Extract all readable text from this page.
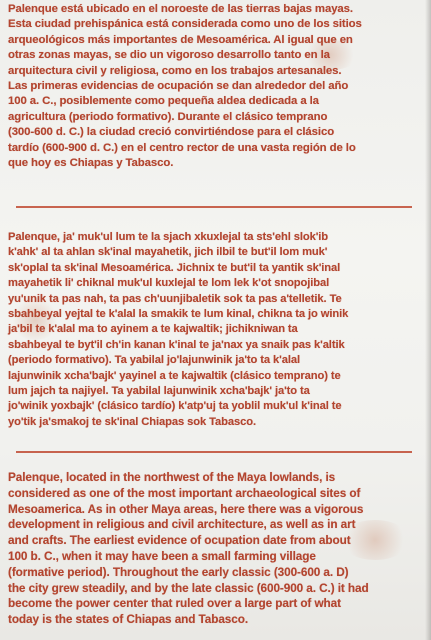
Palenque está ubicado en el noroeste de las tierras bajas mayas.
Esta ciudad prehispánica está considerada como uno de los sitios
arqueológicos más importantes de Mesoamérica. Al igual que en
otras zonas mayas, se dio un vigoroso desarrollo tanto en la
arquitectura civil y religiosa, como en los trabajos artesanales.
Las primeras evidencias de ocupación se dan alrededor del año
100 a. C., posiblemente como pequeña aldea dedicada a la
agricultura (periodo formativo). Durante el clásico temprano
(300-600 d. C.) la ciudad creció convirtiéndose para el clásico
tardío (600-900 d. C.) en el centro rector de una vasta región de lo
que hoy es Chiapas y Tabasco.
Palenque, ja' muk'ul lum te la sjach xkuxlejal ta sts'ehl slok'ib
k'ahk' al ta ahlan sk'inal mayahetik, jich ilbil te but'il lom muk'
sk'oplal ta sk'inal Mesoamérica. Jichnix te but'il ta yantik sk'inal
mayahetik li' chiknal muk'ul kuxlejal te lom lek k'ot snopojibal
yu'unik ta pas nah, ta pas ch'uunjibaletik sok ta pas a'telletik. Te
sbahbeyal yejtal te k'alal la smakik te lum kinal, chikna ta jo winik
ja'bil te k'alal ma to ayinem a te kajwaltik; jichikniwan ta
sbahbeyal te byt'il ch'in kanan k'inal te ja'nax ya snaik pas k'altik
(periodo formativo). Ta yabilal jo'lajunwinik ja'to ta k'alal
lajunwinik xcha'bajk' yayinel a te kajwaltik (clásico temprano) te
lum jajch ta najiyel. Ta yabilal lajunwinik xcha'bajk' ja'to ta
jo'winik yoxbajk' (clásico tardío) k'atp'uj ta yoblil muk'ul k'inal te
yo'tik ja'smakoj te sk'inal Chiapas sok Tabasco.
Palenque, located in the northwest of the Maya lowlands, is
considered as one of the most important archaeological sites of
Mesoamerica. As in other Maya areas, here there was a vigorous
development in religious and civil architecture, as well as in art
and crafts. The earliest evidence of ocupation date from about
100 b. C., when it may have been a small farming village
(formative period). Throughout the early classic (300-600 a. D)
the city grew steadily, and by the late classic (600-900 a. C.) it had
become the power center that ruled over a large part of what
today is the states of Chiapas and Tabasco.
